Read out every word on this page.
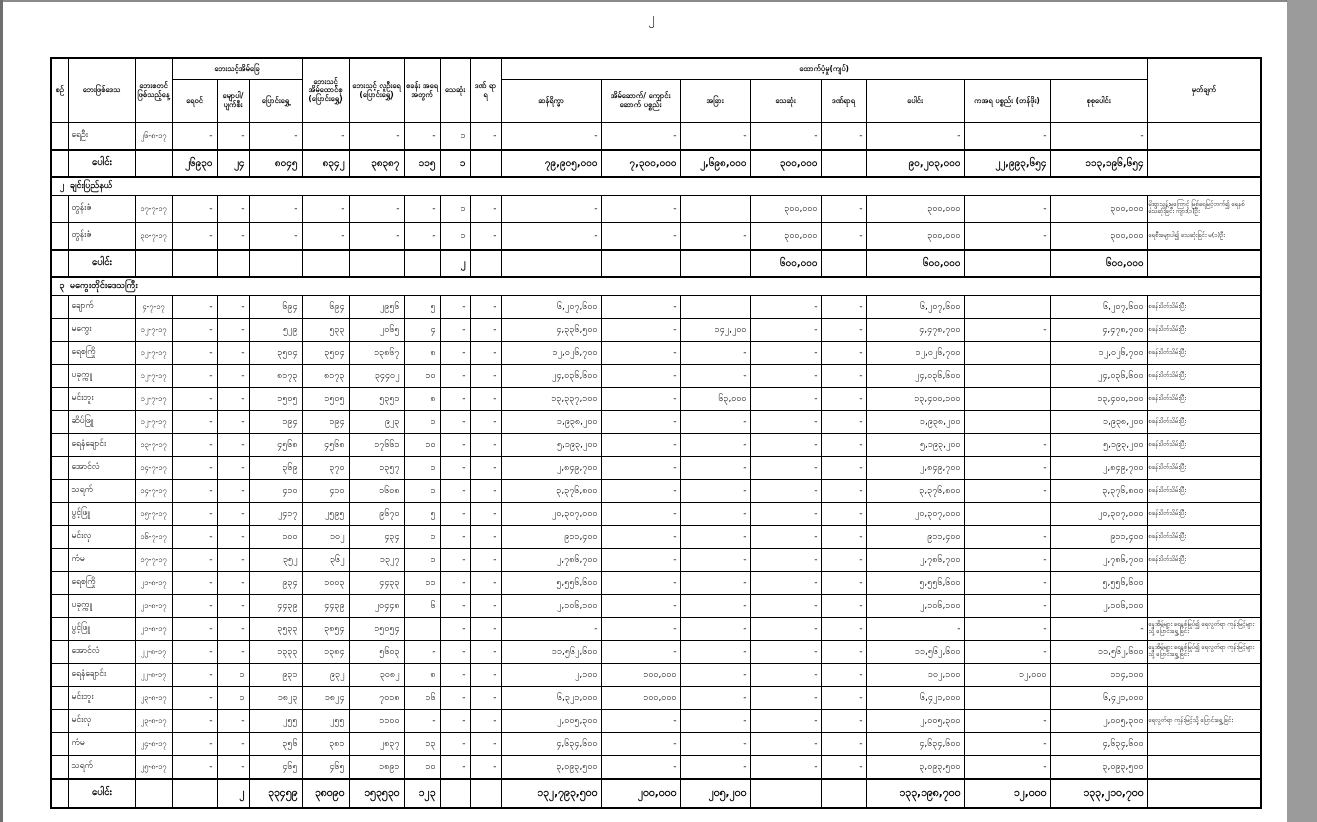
၂
စဉ်	ဘေးဖြစ်ဒေသ	ဘေးစတင် ဖြစ်သည့်နေ့	ဘေးသင့်အိမ်ခြေ			ဘေးသင့် အိမ်ထောင်စု (ပြောင်းရွှေ့)	ဘေးသင့် လူဦးရေ (ပြောင်းရွှေ့)	စခန်း အရေ အတွက်	သေဆုံး	ဒဏ် ရာ ရ	ထောက်ပံ့မှု(ကျပ်)								မှတ်ချက်
			ရေဝင်	မျောပါ/ ပျက်စီး	ပြောင်းရွှေ့						ဆန်ရိက္ခာ	အိမ်ဆောက်/ ကျောင်းဆောက် ပစ္စည်း	အခြား	သေဆုံး	ဒဏ်ရာရ	ပေါင်း	ကအရ ပစ္စည်း (တန်ဖိုး)	စုစုပေါင်း	
	ရေဦး	၂၆-၈-၁၇	-	-	-	-	-	-	၁	-	-	-	-	-	-	-	-	-	
	ပေါင်း		၂၆၉၃၀	၂၄	၈၀၄၅	၈၃၄၂	၃၈၃၈၇	၁၁၅	၁		၇၉,၉၀၅,၀၀၀	၇,၃၀၀,၀၀၀	၂,၆၉၈,၀၀၀	၃၀၀,၀၀၀		၉၀,၂၀၃,၀၀၀	၂၂,၉၉၃,၆၅၄	၁၁၃,၁၉၆,၆၅၄	
၂ ချင်းပြည်နယ်																			
	တွန်းဇံ	၁၇-၇-၁၇	-	-	-	-	-	-	၁	-	-	-		၃၀၀,၀၀၀	-	၃၀၀,၀၀၀	-	၃၀၀,၀၀၀	မိုးရွာသွန်းမှုကြောင့် မြစ်ရေမြင့်တက်၍ ရေနစ် သေဆုံးခြင်း ကျား(၁)ဦး
	တွန်းဇံ	၃၀-၇-၁၇	-	-	-	-	-	-	၁	-	-	-	-	၃၀၀,၀၀၀	-	၃၀၀,၀၀၀	-	၃၀၀,၀၀၀	ရေစီးမျောပါ၍ သေဆုံးခြင်း မ(၁)ဦး
	ပေါင်း								၂					၆၀၀,၀၀၀		၆၀၀,၀၀၀		၆၀၀,၀၀၀	
၃ မကွေးတိုင်းဒေသကြီး																			
	ချောက်	၄-၇-၁၇	-	-	၆၉၄	၆၉၄	၂၉၅၆	၅	-	-	၆,၂၀၇,၆၀၀	-		-	-	၆,၂၀၇,၆၀၀		၆,၂၀၇,၆၀၀	စခန်းပိတ်သိမ်းပြီး
	မကွေး	၁၂-၇-၁၇	-	-	၅၂၉	၅၃၃	၂၀၆၅	၄	-	-	၄,၃၃၆,၅၀၀	-	၁၄၂,၂၀၀	-	-	၄,၄၇၈,၇၀၀	-	၄,၄၇၈,၇၀၀	စခန်းပိတ်သိမ်းပြီး
	ရေစကြို	၁၂-၇-၁၇	-	-	၃၅၀၄	၃၅၀၄	၁၃၈၆၇	၈	-	-	၁၂,၀၂၆,၇၀၀	-	-	-	-	၁၂,၀၂၆,၇၀၀		၁၂,၀၂၆,၇၀၀	စခန်းပိတ်သိမ်းပြီး
	ပခုက္ကူ	၁၂-၇-၁၇	-	-	၈၁၇၃	၈၁၇၃	၃၄၄၀၂	၁၀	-	-	၂၄,၀၃၆,၆၀၀	-	-	-	-	၂၄,၀၃၆,၆၀၀		၂၄,၀၃၆,၆၀၀	စခန်းပိတ်သိမ်းပြီး
	မင်းဘူး	၁၂-၇-၁၇	-	-	၁၅၀၅	၁၅၀၅	၅၃၅၁	၈	-	-	၁၃,၃၃၇,၁၀၀	-	၆၃,၀၀၀	-	-	၁၃,၄၀၀,၁၀၀		၁၃,၄၀၀,၁၀၀	စခန်းပိတ်သိမ်းပြီး
	ဆိပ်ဖြူ	၁၂-၇-၁၇	-	-	၁၉၄	၁၉၄	၉၂၃	၁	-	-	၁,၉၃၈,၂၀၀	-	-	-	-	၁,၉၃၈,၂၀၀		၁,၉၃၈,၂၀၀	စခန်းပိတ်သိမ်းပြီး
	ရေနံချောင်း	၁၃-၇-၁၇	-	-	၄၅၆၈	၄၅၆၈	၁၇၆၆၁	၁၀	-	-	၅,၁၉၃,၂၀၀	-	-	-	-	၅,၁၉၃,၂၀၀	-	၅,၁၉၃,၂၀၀	စခန်းပိတ်သိမ်းပြီး
	အောင်လံ	၁၄-၇-၁၇	-	-	၃၆၉	၃၇၀	၁၃၅၇	၁	-	-	၂,၈၄၉,၇၀၀	-	-	-	-	၂,၈၄၉,၇၀၀	-	၂,၈၄၉,၇၀၀	စခန်းပိတ်သိမ်းပြီး
	သရက်	၁၄-၇-၁၇	-	-	၄၁၀	၄၁၀	၁၆၀၈	၁	-	-	၃,၃၇၆,၈၀၀	-	-	-	-	၃,၃၇၆,၈၀၀	-	၃,၃၇၆,၈၀၀	စခန်းပိတ်သိမ်းပြီး
	ပွင့်ဖြူ	၁၅-၇-၁၇	-	-	၂၄၁၇	၂၅၉၅	၉၆၇၀	၅	-	-	၂၀,၃၀၇,၀၀၀	-	-	-	-	၂၀,၃၀၇,၀၀၀		၂၀,၃၀၇,၀၀၀	စခန်းပိတ်သိမ်းပြီး
	မင်းလှ	၁၆-၇-၁၇	-	-	၁၀၀	၁၀၂	၄၃၄	၁	-	-	၉၁၁,၄၀၀	-	-	-	-	၉၁၁,၄၀၀	-	၉၁၁,၄၀၀	စခန်းပိတ်သိမ်းပြီး
	ကံမ	၁၇-၇-၁၇	-	-	၃၅၂	၃၆၂	၁၃၂၇	၁	-	-	၂,၇၈၆,၇၀၀	-	-	-	-	၂,၇၈၆,၇၀၀	-	၂,၇၈၆,၇၀၀	စခန်းပိတ်သိမ်းပြီး
	ရေစကြို	၂၁-၈-၁၇	-	-	၉၃၄	၁၀၀၃	၄၄၃၃	၁၁	-	-	၅,၅၅၆,၆၀၀	-	-	-	-	၅,၅၅၆,၆၀၀	-	၅,၅၅၆,၆၀၀	
	ပခုက္ကူ	၂၁-၈-၁၇	-	-	၄၄၃၉	၄၄၃၉	၂၀၄၄၈	၆	-	-	၂,၁၀၆,၁၀၀	-	-	-	-	၂,၁၀၆,၁၀၀	-	၂,၁၀၆,၁၀၀	
	ပွင့်ဖြူ	၂၁-၈-၁၇	-	-	၃၅၃၃	၃၈၅၄	၁၅၀၅၄		-	-	-	-	-	-	-	-	-	-	နေအိမ်များ ရေနစ်မြုပ်၍ ရေလွတ်ရာ ကုန်းမြင့်များသို့ ပြောင်းရွှေ့ခြင်း
	အောင်လံ	၂၂-၈-၁၇	-	-	၁၃၃၃	၁၃၈၄	၅၆၀၃	-	-	-	၁၁,၅၆၂,၆၀၀	-	-	-	-	၁၁,၅၆၂,၆၀၀	-	၁၁,၅၆၂,၆၀၀	နေအိမ်များ ရေနစ်မြုပ်၍ ရေလွတ်ရာ ကုန်းမြင့်များသို့ ပြောင်းရွှေ့ခြင်း
	ရေနံချောင်း	၂၂-၈-၁၇	-	၁	၉၃၁	၉၃၂	၃၀၈၂	၈	-	-	၂,၁၀၀	၁၀၀,၀၀၀	-	-	-	၁၀၂,၁၀၀	၁၂,၀၀၀	၁၁၄,၁၀၀	
	မင်းဘူး	၂၃-၈-၁၇	-	၁	၁၈၂၃	၁၈၂၄	၇၀၁၈	၁၆	-	-	၆,၃၂၁,၀၀၀	၁၀၀,၀၀၀	-	-	-	၆,၄၂၁,၀၀၀		၆,၄၂၁,၀၀၀	
	မင်းလှ	၂၃-၈-၁၇	-	-	၂၅၅	၂၅၅	၁၁၀၀	-	-	-	၂,၀၀၅,၃၀၀	-	-	-	-	၂,၀၀၅,၃၀၀	-	၂,၀၀၅,၃၀၀	ရေလွတ်ရာ ကုန်းမြင့်သို့ ပြောင်းရွှေ့ခြင်း
	ကံမ	၂၄-၈-၁၇	-	-	၃၅၆	၃၈၁	၂၈၃၇	၁၃	-	-	၄,၆၃၄,၆၀၀	-	-	-	-	၄,၆၃၄,၆၀၀	-	၄,၆၃၄,၆၀၀	
	သရက်	၂၅-၈-၁၇	-	-	၄၆၅	၄၆၅	၁၈၉၁	၁၀	-	-	၃,၀၉၃,၅၀၀	-	-	-	-	၃,၀၉၃,၅၀၀	-	၃,၀၉၃,၅၀၀	
	ပေါင်း			၂	၃၃၄၅၉	၃၈၀၉၀	၁၅၃၅၃၀	၁၂၃			၁၃၂,၇၉၃,၅၀၀	၂၀၀,၀၀၀	၂၀၅,၂၀၀			၁၃၃,၁၉၈,၇၀၀	၁၂,၀၀၀	၁၃၃,၂၁၀,၇၀၀	
